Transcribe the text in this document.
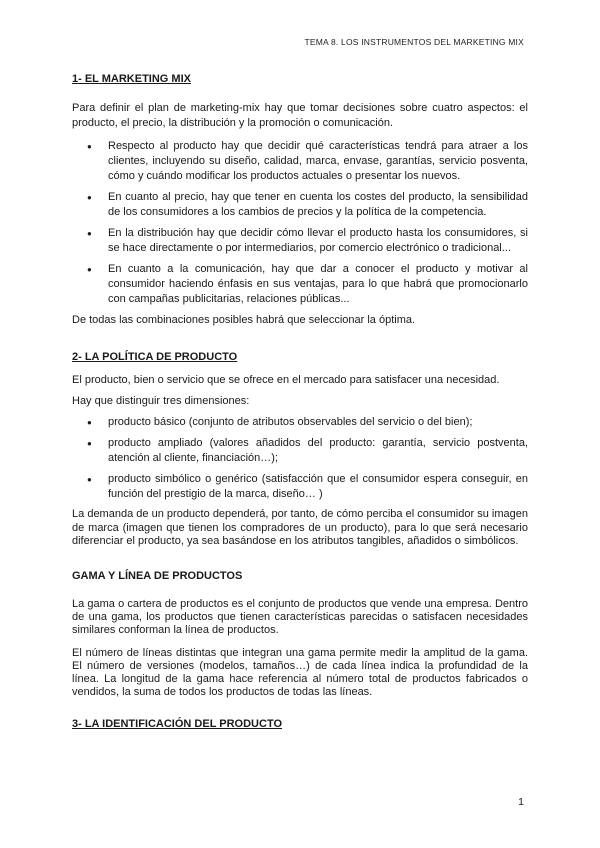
TEMA 8. LOS INSTRUMENTOS DEL MARKETING MIX
1- EL MARKETING MIX

Para definir el plan de marketing-mix hay que tomar decisiones sobre cuatro aspectos: el producto, el precio, la distribución y la promoción o comunicación.

● Respecto al producto hay que decidir qué características tendrá para atraer a los clientes, incluyendo su diseño, calidad, marca, envase, garantías, servicio posventa, cómo y cuándo modificar los productos actuales o presentar los nuevos.
● En cuanto al precio, hay que tener en cuenta los costes del producto, la sensibilidad de los consumidores a los cambios de precios y la política de la competencia.
● En la distribución hay que decidir cómo llevar el producto hasta los consumidores, si se hace directamente o por intermediarios, por comercio electrónico o tradicional...
● En cuanto a la comunicación, hay que dar a conocer el producto y motivar al consumidor haciendo énfasis en sus ventajas, para lo que habrá que promocionarlo con campañas publicitarias, relaciones públicas...

De todas las combinaciones posibles habrá que seleccionar la óptima.

2- LA POLÍTICA DE PRODUCTO

El producto, bien o servicio que se ofrece en el mercado para satisfacer una necesidad.

Hay que distinguir tres dimensiones:

● producto básico (conjunto de atributos observables del servicio o del bien);
● producto ampliado (valores añadidos del producto: garantía, servicio postventa, atención al cliente, financiación…);
● producto simbólico o genérico (satisfacción que el consumidor espera conseguir, en función del prestigio de la marca, diseño… )

La demanda de un producto dependerá, por tanto, de cómo perciba el consumidor su imagen de marca (imagen que tienen los compradores de un producto), para lo que será necesario diferenciar el producto, ya sea basándose en los atributos tangibles, añadidos o simbólicos.

GAMA Y LÍNEA DE PRODUCTOS

La gama o cartera de productos es el conjunto de productos que vende una empresa. Dentro de una gama, los productos que tienen características parecidas o satisfacen necesidades similares conforman la línea de productos.

El número de líneas distintas que integran una gama permite medir la amplitud de la gama. El número de versiones (modelos, tamaños…) de cada línea indica la profundidad de la línea. La longitud de la gama hace referencia al número total de productos fabricados o vendidos, la suma de todos los productos de todas las líneas.

3- LA IDENTIFICACIÓN DEL PRODUCTO
1
